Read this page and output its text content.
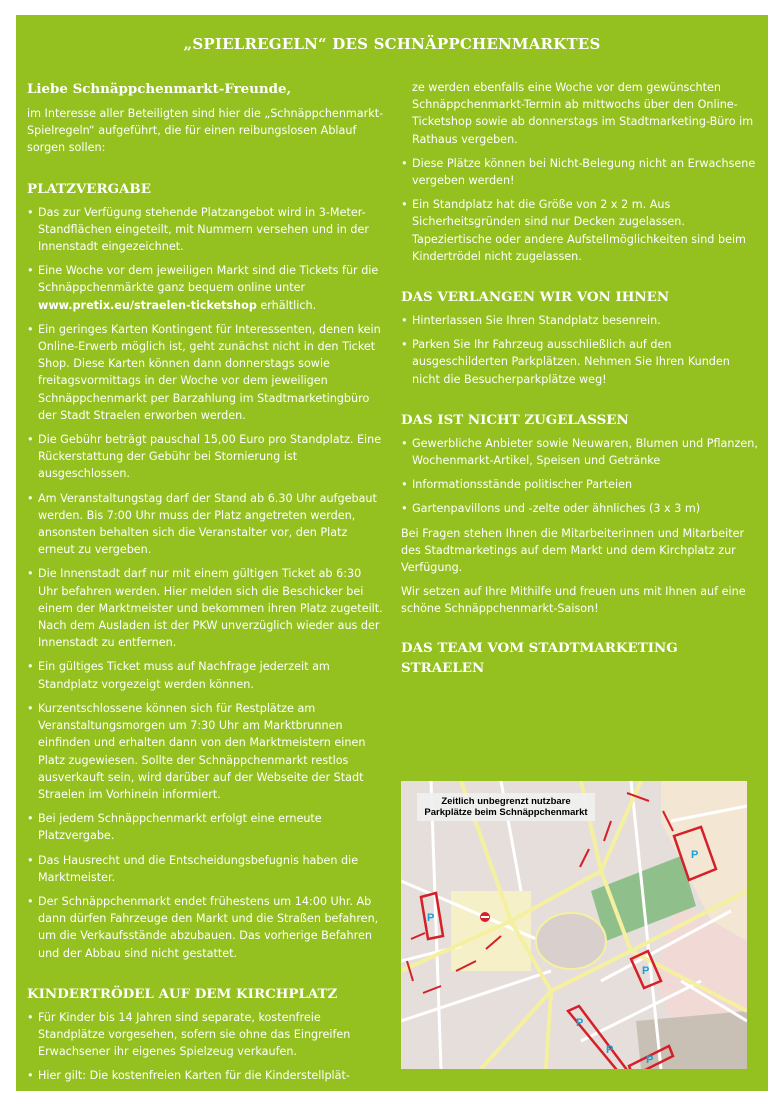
„SPIELREGELN“ DES SCHNÄPPCHENMARKTES
Liebe Schnäppchenmarkt-Freunde,

im Interesse aller Beteiligten sind hier die „Schnäppchenmarkt-Spielregeln“ aufgeführt, die für einen reibungslosen Ablauf sorgen sollen:

PLATZVERGABE
• Das zur Verfügung stehende Platzangebot wird in 3-Meter-Standflächen eingeteilt, mit Nummern versehen und in der Innenstadt eingezeichnet.
• Eine Woche vor dem jeweiligen Markt sind die Tickets für die Schnäppchenmärkte ganz bequem online unter www.pretix.eu/straelen-ticketshop erhältlich.
• Ein geringes Karten Kontingent für Interessenten, denen kein Online-Erwerb möglich ist, geht zunächst nicht in den Ticket Shop. Diese Karten können dann donnerstags sowie freitagsvormittags in der Woche vor dem jeweiligen Schnäppchenmarkt per Barzahlung im Stadtmarketingbüro der Stadt Straelen erworben werden.
• Die Gebühr beträgt pauschal 15,00 Euro pro Standplatz. Eine Rückerstattung der Gebühr bei Stornierung ist ausgeschlossen.
• Am Veranstaltungstag darf der Stand ab 6.30 Uhr aufgebaut werden. Bis 7:00 Uhr muss der Platz angetreten werden, ansonsten behalten sich die Veranstalter vor, den Platz erneut zu vergeben.
• Die Innenstadt darf nur mit einem gültigen Ticket ab 6:30 Uhr befahren werden. Hier melden sich die Beschicker bei einem der Marktmeister und bekommen ihren Platz zugeteilt. Nach dem Ausladen ist der PKW unverzüglich wieder aus der Innenstadt zu entfernen.
• Ein gültiges Ticket muss auf Nachfrage jederzeit am Standplatz vorgezeigt werden können.
• Kurzentschlossene können sich für Restplätze am Veranstaltungsmorgen um 7:30 Uhr am Marktbrunnen einfinden und erhalten dann von den Marktmeistern einen Platz zugewiesen. Sollte der Schnäppchenmarkt restlos ausverkauft sein, wird darüber auf der Webseite der Stadt Straelen im Vorhinein informiert.
• Bei jedem Schnäppchenmarkt erfolgt eine erneute Platzvergabe.
• Das Hausrecht und die Entscheidungsbefugnis haben die Marktmeister.
• Der Schnäppchenmarkt endet frühestens um 14:00 Uhr. Ab dann dürfen Fahrzeuge den Markt und die Straßen befahren, um die Verkaufsstände abzubauen. Das vorherige Befahren und der Abbau sind nicht gestattet.
KINDERTRÖDEL AUF DEM KIRCHPLATZ
• Für Kinder bis 14 Jahren sind separate, kostenfreie Standplätze vorgesehen, sofern sie ohne das Eingreifen Erwachsener ihr eigenes Spielzeug verkaufen.
• Hier gilt: Die kostenfreien Karten für die Kinderstellplät-

ze werden ebenfalls eine Woche vor dem gewünschten Schnäppchenmarkt-Termin ab mittwochs über den Online-Ticketshop sowie ab donnerstags im Stadtmarketing-Büro im Rathaus vergeben.

• Diese Plätze können bei Nicht-Belegung nicht an Erwachsene vergeben werden!
• Ein Standplatz hat die Größe von 2 x 2 m. Aus Sicherheitsgründen sind nur Decken zugelassen. Tapeziertische oder andere Aufstellmöglichkeiten sind beim Kindertrödel nicht zugelassen.
DAS VERLANGEN WIR VON IHNEN
• Hinterlassen Sie Ihren Standplatz besenrein.
• Parken Sie Ihr Fahrzeug ausschließlich auf den ausgeschilderten Parkplätzen. Nehmen Sie Ihren Kunden nicht die Besucherparkplätze weg!
DAS IST NICHT ZUGELASSEN
• Gewerbliche Anbieter sowie Neuwaren, Blumen und Pflanzen, Wochenmarkt-Artikel, Speisen und Getränke
• Informationsstände politischer Parteien
• Gartenpavillons und -zelte oder ähnliches (3 x 3 m)

Bei Fragen stehen Ihnen die Mitarbeiterinnen und Mitarbeiter des Stadtmarketings auf dem Markt und dem Kirchplatz zur Verfügung.

Wir setzen auf Ihre Mithilfe und freuen uns mit Ihnen auf eine schöne Schnäppchenmarkt-Saison!

DAS TEAM VOM STADTMARKETING STRAELEN
P
P
P
P
P
P
Zeitlich unbegrenzt nutzbare
Parkplätze beim Schnäppchenmarkt
